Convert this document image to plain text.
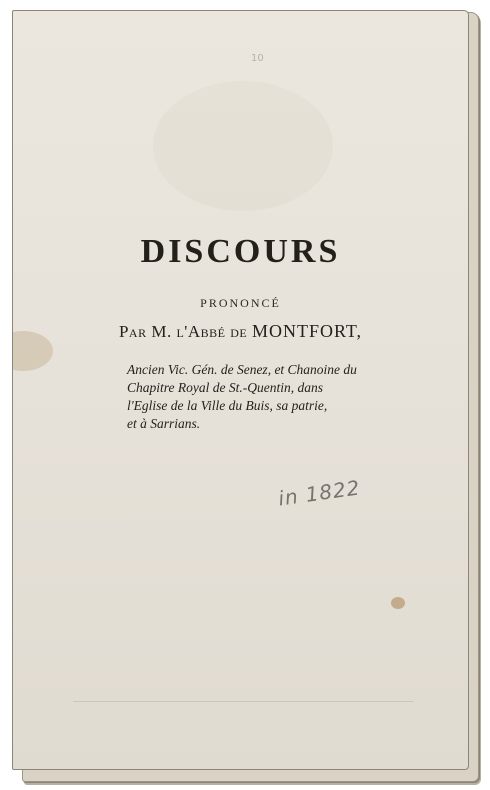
10
DISCOURS
PRONONCÉ
Par M. l'Abbé de MONTFORT,
Ancien Vic. Gén. de Senez, et Chanoine du
Chapitre Royal de St.-Quentin, dans
l'Eglise de la Ville du Buis, sa patrie,
et à Sarrians.
in 1822
